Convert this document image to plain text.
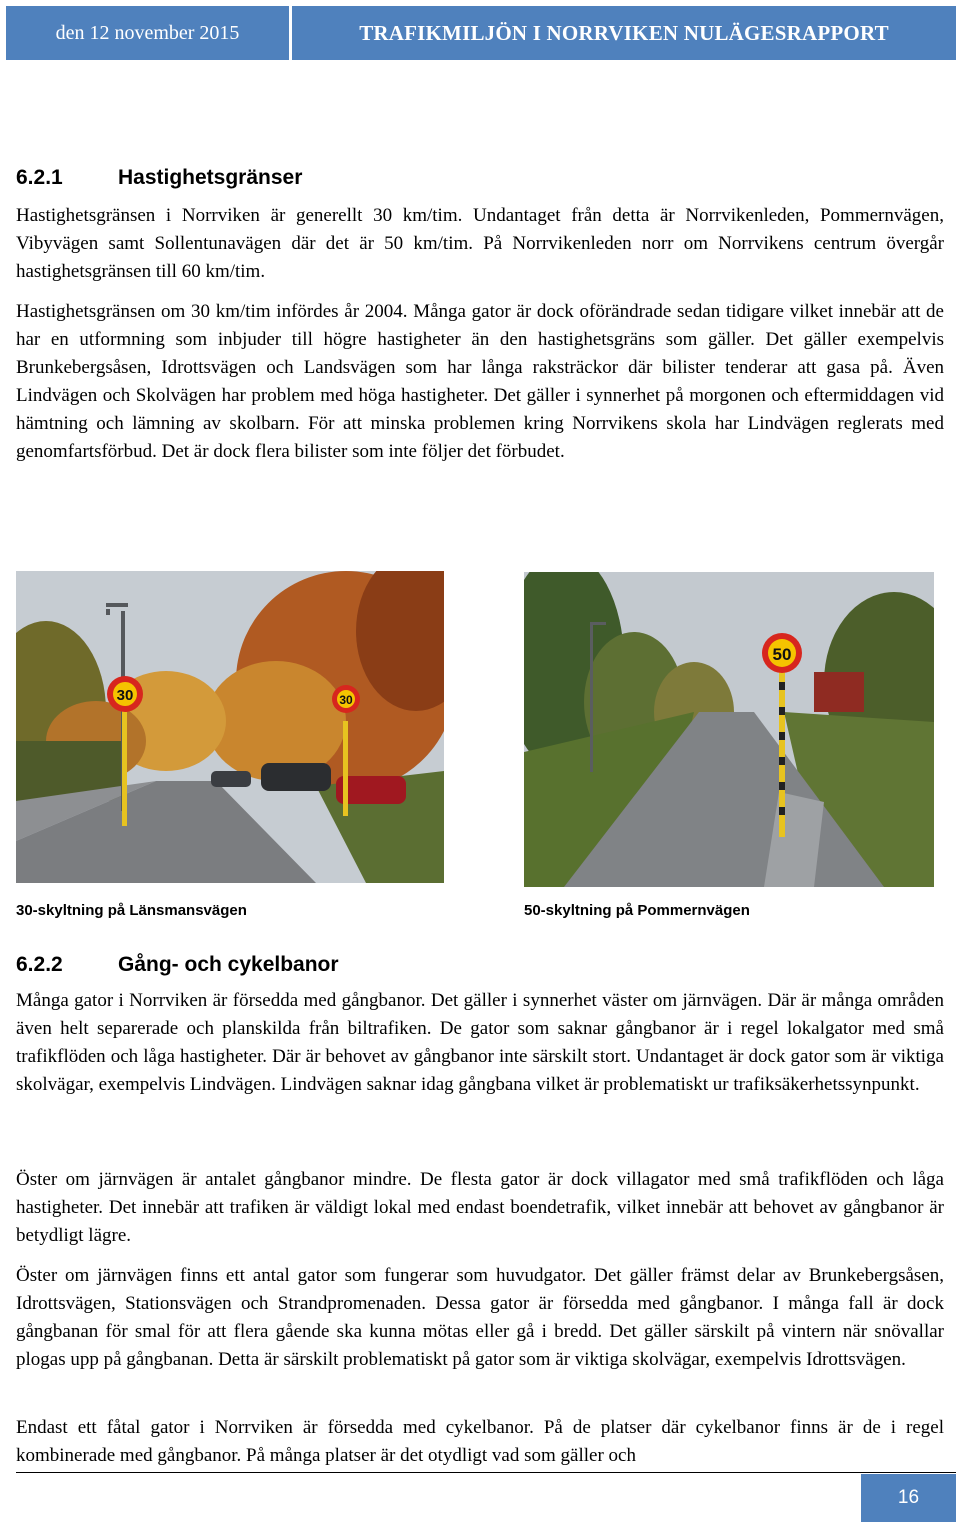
den 12 november 2015	TRAFIKMILJÖN I NORRVIKEN NULÄGESRAPPORT
6.2.1	Hastighetsgränser
Hastighetsgränsen i Norrviken är generellt 30 km/tim. Undantaget från detta är Norrvikenleden, Pommernvägen, Vibyvägen samt Sollentunavägen där det är 50 km/tim. På Norrvikenleden norr om Norrvikens centrum övergår hastighetsgränsen till 60 km/tim.
Hastighetsgränsen om 30 km/tim infördes år 2004. Många gator är dock oförändrade sedan tidigare vilket innebär att de har en utformning som inbjuder till högre hastigheter än den hastighetsgräns som gäller. Det gäller exempelvis Brunkebergsåsen, Idrottsvägen och Landsvägen som har långa raksträckor där bilister tenderar att gasa på. Även Lindvägen och Skolvägen har problem med höga hastigheter. Det gäller i synnerhet på morgonen och eftermiddagen vid hämtning och lämning av skolbarn. För att minska problemen kring Norrvikens skola har Lindvägen reglerats med genomfartsförbud. Det är dock flera bilister som inte följer det förbudet.
30	30
50
30-skyltning på Länsmansvägen	50-skyltning på Pommernvägen
6.2.2	Gång- och cykelbanor
Många gator i Norrviken är försedda med gångbanor. Det gäller i synnerhet väster om järnvägen. Där är många områden även helt separerade och planskilda från biltrafiken. De gator som saknar gångbanor är i regel lokalgator med små trafikflöden och låga hastigheter. Där är behovet av gångbanor inte särskilt stort. Undantaget är dock gator som är viktiga skolvägar, exempelvis Lindvägen. Lindvägen saknar idag gångbana vilket är problematiskt ur trafiksäkerhetssynpunkt.
Öster om järnvägen är antalet gångbanor mindre. De flesta gator är dock villagator med små trafikflöden och låga hastigheter. Det innebär att trafiken är väldigt lokal med endast boendetrafik, vilket innebär att behovet av gångbanor är betydligt lägre.
Öster om järnvägen finns ett antal gator som fungerar som huvudgator. Det gäller främst delar av Brunkebergsåsen, Idrottsvägen, Stationsvägen och Strandpromenaden. Dessa gator är försedda med gångbanor. I många fall är dock gångbanan för smal för att flera gående ska kunna mötas eller gå i bredd. Det gäller särskilt på vintern när snövallar plogas upp på gångbanan. Detta är särskilt problematiskt på gator som är viktiga skolvägar, exempelvis Idrottsvägen.
Endast ett fåtal gator i Norrviken är försedda med cykelbanor. På de platser där cykelbanor finns är de i regel kombinerade med gångbanor. På många platser är det otydligt vad som gäller och
16
